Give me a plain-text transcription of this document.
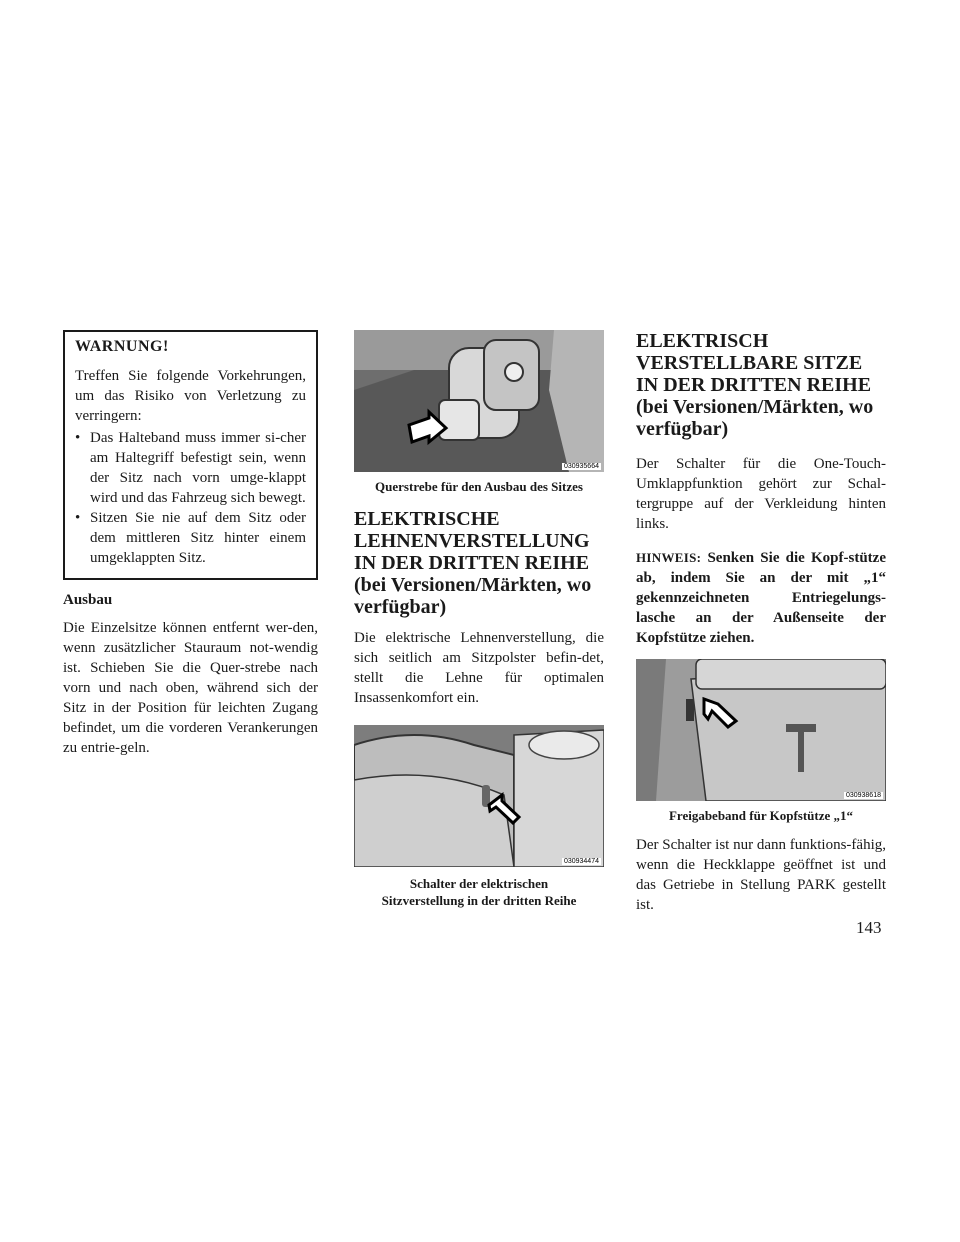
WARNUNG!

Treffen Sie folgende Vorkehrungen, um das Risiko von Verletzung zu verringern:

• Das Halteband muss immer si-cher am Haltegriff befestigt sein, wenn der Sitz nach vorn umge-klappt wird und das Fahrzeug sich bewegt.
• Sitzen Sie nie auf dem Sitz oder dem mittleren Sitz hinter einem umgeklappten Sitz.
Ausbau

Die Einzelsitze können entfernt wer-den, wenn zusätzlicher Stauraum not-wendig ist. Schieben Sie die Quer-strebe nach vorn und nach oben, während sich der Sitz in der Position für leichten Zugang befindet, um die vorderen Verankerungen zu entrie-geln.

030935664
Querstrebe für den Ausbau des Sitzes
ELEKTRISCHE LEHNENVERSTELLUNG IN DER DRITTEN REIHE (bei Versionen/Märkten, wo verfügbar)

Die elektrische Lehnenverstellung, die sich seitlich am Sitzpolster befin-det, stellt die Lehne für optimalen Insassenkomfort ein.

030934474
Schalter der elektrischen
Sitzverstellung in der dritten Reihe
ELEKTRISCH VERSTELLBARE SITZE IN DER DRITTEN REIHE (bei Versionen/Märkten, wo verfügbar)

Der Schalter für die One-Touch-Umklappfunktion gehört zur Schal-tergruppe auf der Verkleidung hinten links.

HINWEIS: Senken Sie die Kopf-stütze ab, indem Sie an der mit „1“ gekennzeichneten Entriegelungs-lasche an der Außenseite der Kopfstütze ziehen.

030938618
Freigabeband für Kopfstütze „1“

Der Schalter ist nur dann funktions-fähig, wenn die Heckklappe geöffnet ist und das Getriebe in Stellung PARK gestellt ist.

143
